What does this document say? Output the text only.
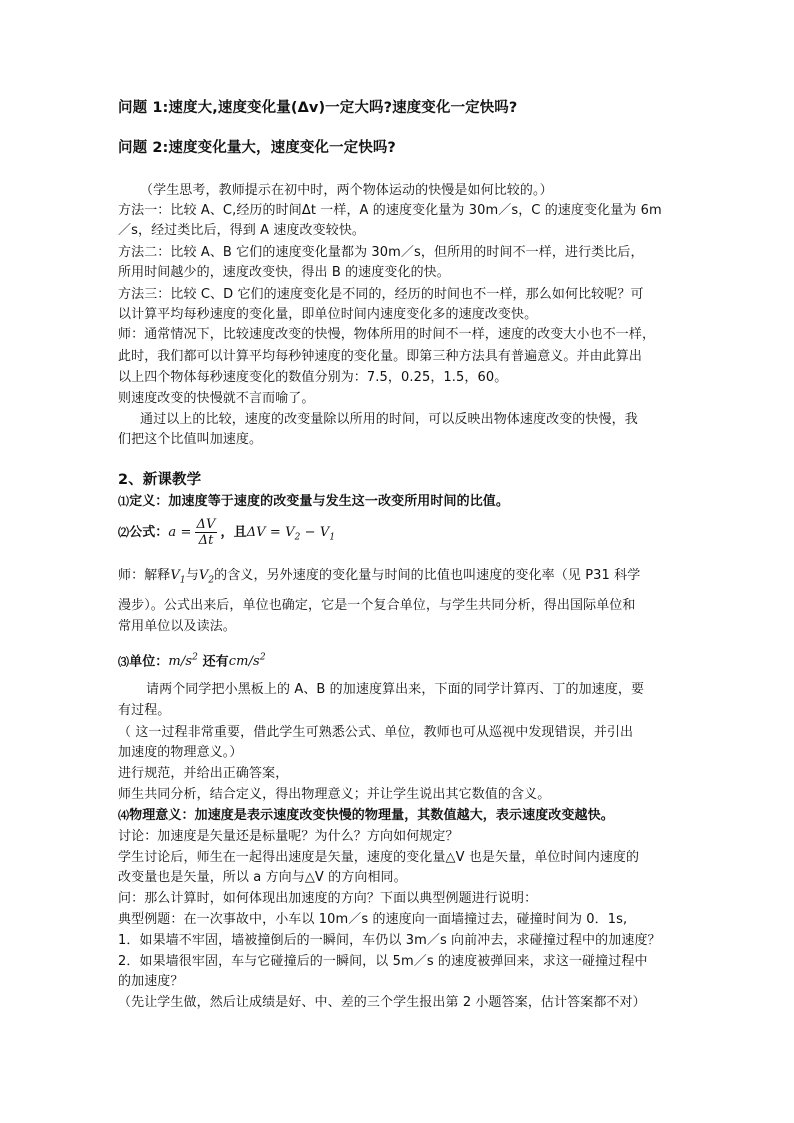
问题 1:速度大,速度变化量(Δv)一定大吗?速度变化一定快吗?
问题 2:速度变化量大，速度变化一定快吗?
（学生思考，教师提示在初中时，两个物体运动的快慢是如何比较的。）
方法一：比较 A、C,经历的时间Δt 一样，A 的速度变化量为 30m／s，C 的速度变化量为 6m
／s，经过类比后，得到 A 速度改变较快。
方法二：比较 A、B 它们的速度变化量都为 30m／s，但所用的时间不一样，进行类比后，
所用时间越少的，速度改变快，得出 B 的速度变化的快。
方法三：比较 C、D 它们的速度变化是不同的，经历的时间也不一样，那么如何比较呢？可
以计算平均每秒速度的变化量，即单位时间内速度变化多的速度改变快。
师：通常情况下，比较速度改变的快慢，物体所用的时间不一样，速度的改变大小也不一样，
此时，我们都可以计算平均每秒钟速度的变化量。即第三种方法具有普遍意义。并由此算出
以上四个物体每秒速度变化的数值分别为：7.5，0.25，1.5，60。
则速度改变的快慢就不言而喻了。
通过以上的比较，速度的改变量除以所用的时间，可以反映出物体速度改变的快慢，我
们把这个比值叫加速度。
2、新课教学
⑴定义：加速度等于速度的改变量与发生这一改变所用时间的比值。
⑵公式：$a = \frac{\Delta V}{\Delta t}$ ，且$\Delta V = V_2 - V_1$
师：解释$V_1$与$V_2$的含义，另外速度的变化量与时间的比值也叫速度的变化率（见 P31 科学
漫步）。公式出来后，单位也确定，它是一个复合单位，与学生共同分析，得出国际单位和
常用单位以及读法。
⑶单位：$m/s^2$ 还有$cm/s^2$
请两个同学把小黑板上的 A、B 的加速度算出来，下面的同学计算丙、丁的加速度，要
有过程。
（ 这一过程非常重要，借此学生可熟悉公式、单位，教师也可从巡视中发现错误，并引出
加速度的物理意义。）
进行规范，并给出正确答案，
师生共同分析，结合定义，得出物理意义；并让学生说出其它数值的含义。
⑷物理意义：加速度是表示速度改变快慢的物理量，其数值越大，表示速度改变越快。
讨论：加速度是矢量还是标量呢？为什么？方向如何规定？
学生讨论后，师生在一起得出速度是矢量，速度的变化量△V 也是矢量，单位时间内速度的
改变量也是矢量，所以 a 方向与△V 的方向相同。
问：那么计算时，如何体现出加速度的方向？下面以典型例题进行说明：
典型例题：在一次事故中，小车以 10m／s 的速度向一面墙撞过去，碰撞时间为 0．1s,
1．如果墙不牢固，墙被撞倒后的一瞬间，车仍以 3m／s 向前冲去，求碰撞过程中的加速度？
2．如果墙很牢固，车与它碰撞后的一瞬间，以 5m／s 的速度被弹回来，求这一碰撞过程中
的加速度？
（先让学生做，然后让成绩是好、中、差的三个学生报出第 2 小题答案，估计答案都不对）
